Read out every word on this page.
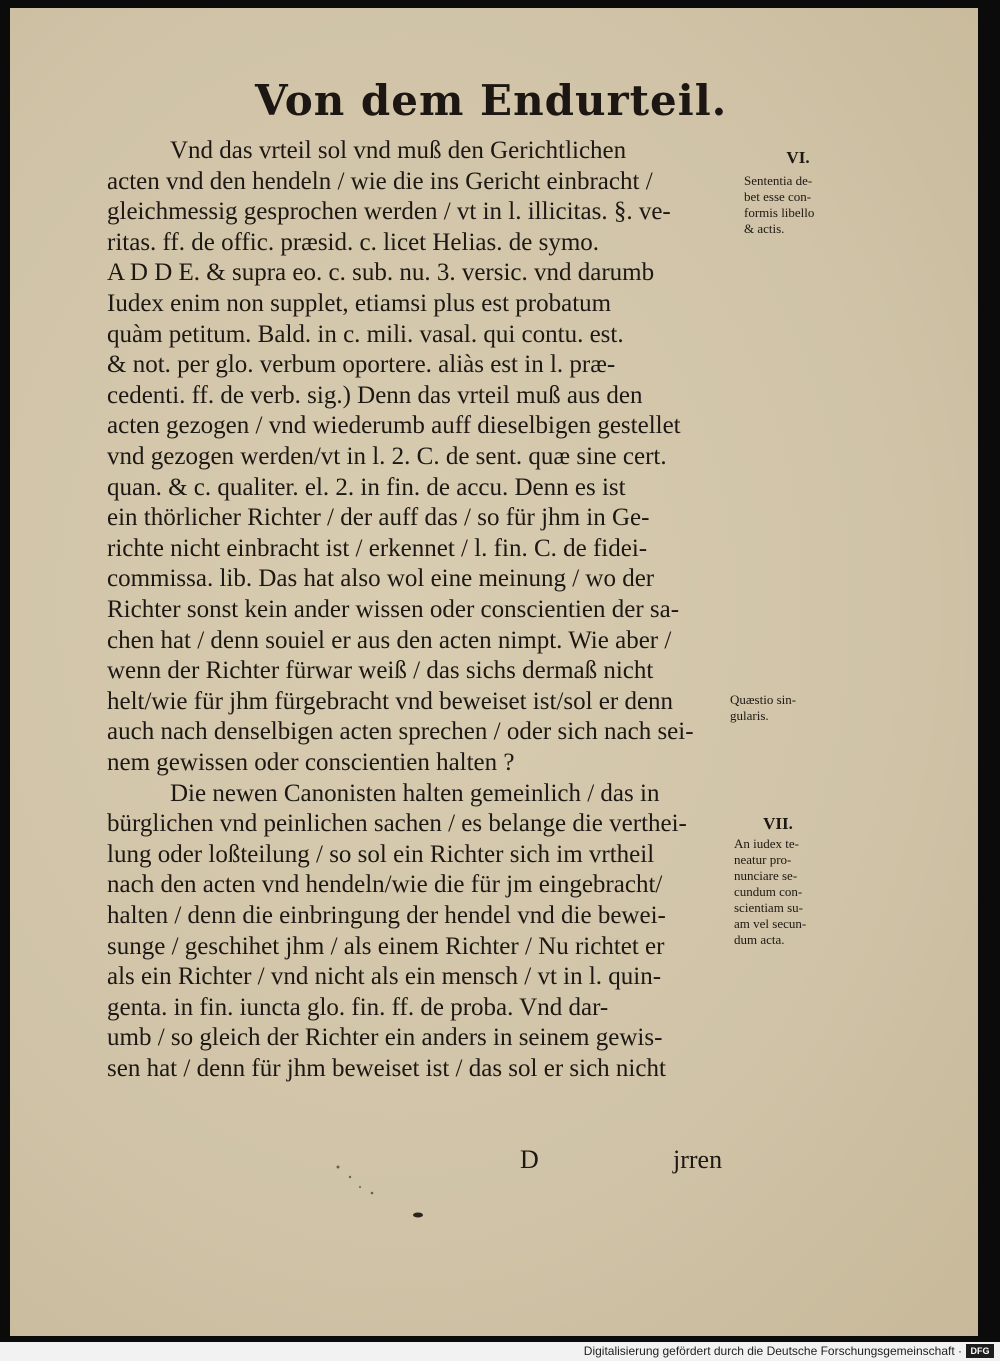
Von dem Endurteil.
Vnd das vrteil sol vnd muß den Gerichtlichen
acten vnd den hendeln / wie die ins Gericht einbracht /
gleichmessig gesprochen werden / vt in l. illicitas. §. ve-
ritas. ff. de offic. præsid. c. licet Helias. de symo.
A D D E. & supra eo. c. sub. nu. 3. versic. vnd darumb
Iudex enim non supplet, etiamsi plus est probatum
quàm petitum. Bald. in c. mili. vasal. qui contu. est.
& not. per glo. verbum oportere. aliàs est in l. præ-
cedenti. ff. de verb. sig.) Denn das vrteil muß aus den
acten gezogen / vnd wiederumb auff dieselbigen gestellet
vnd gezogen werden/vt in l. 2. C. de sent. quæ sine cert.
quan. & c. qualiter. el. 2. in fin. de accu. Denn es ist
ein thörlicher Richter / der auff das / so für jhm in Ge-
richte nicht einbracht ist / erkennet / l. fin. C. de fidei-
commissa. lib. Das hat also wol eine meinung / wo der
Richter sonst kein ander wissen oder conscientien der sa-
chen hat / denn souiel er aus den acten nimpt. Wie aber /
wenn der Richter fürwar weiß / das sichs dermaß nicht
helt/wie für jhm fürgebracht vnd beweiset ist/sol er denn
auch nach denselbigen acten sprechen / oder sich nach sei-
nem gewissen oder conscientien halten ?
Die newen Canonisten halten gemeinlich / das in
bürglichen vnd peinlichen sachen / es belange die verthei-
lung oder loßteilung / so sol ein Richter sich im vrtheil
nach den acten vnd hendeln/wie die für jm eingebracht/
halten / denn die einbringung der hendel vnd die bewei-
sunge / geschihet jhm / als einem Richter / Nu richtet er
als ein Richter / vnd nicht als ein mensch / vt in l. quin-
genta. in fin. iuncta glo. fin. ff. de proba. Vnd dar-
umb / so gleich der Richter ein anders in seinem gewis-
sen hat / denn für jhm beweiset ist / das sol er sich nicht
VI.
Sententia de-
bet esse con-
formis libello
& actis.
Quæstio sin-
gularis.
VII.
An iudex te-
neatur pro-
nunciare se-
cundum con-
scientiam su-
am vel secun-
dum acta.
D	jrren
Digitalisierung gefördert durch die Deutsche Forschungsgemeinschaft · DFG
